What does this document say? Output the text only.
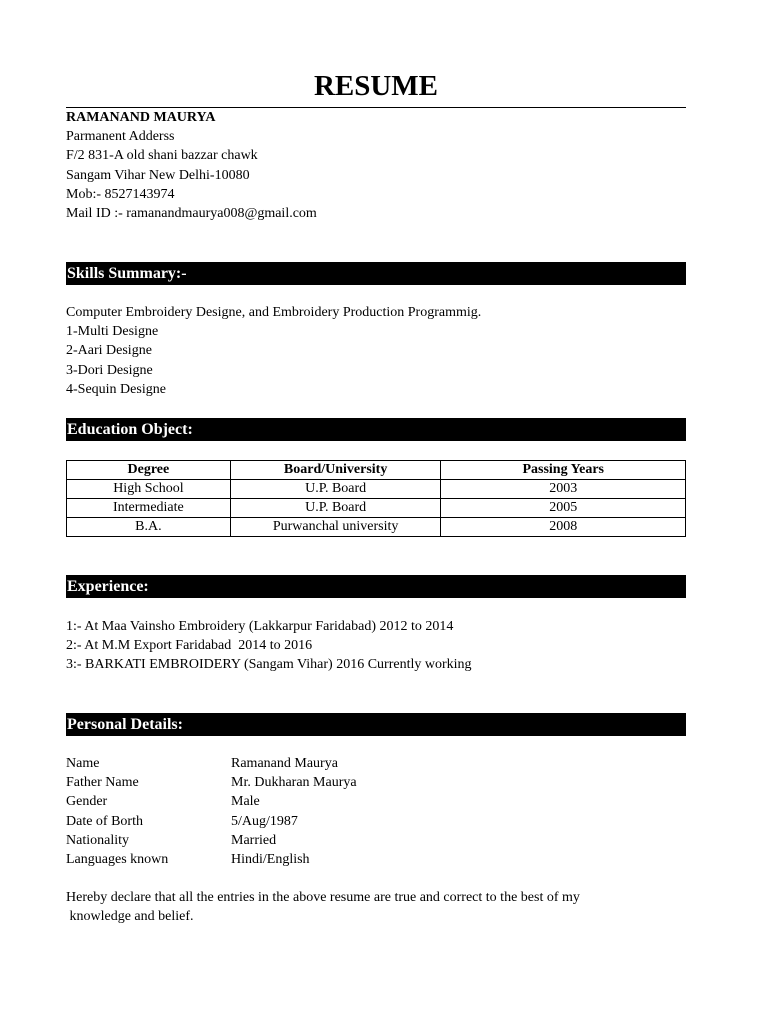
RESUME
RAMANAND MAURYA
Parmanent Adderss
F/2 831-A old shani bazzar chawk
Sangam Vihar New Delhi-10080
Mob:- 8527143974
Mail ID :- ramanandmaurya008@gmail.com
Skills Summary:-
Computer Embroidery Designe, and Embroidery Production Programmig.
1-Multi Designe
2-Aari Designe
3-Dori Designe
4-Sequin Designe
Education Object:
Degree	Board/University	Passing Years
High School	U.P. Board	2003
Intermediate	U.P. Board	2005
B.A.	Purwanchal university	2008
Experience:
1:- At Maa Vainsho Embroidery (Lakkarpur Faridabad) 2012 to 2014
2:- At M.M Export Faridabad  2014 to 2016
3:- BARKATI EMBROIDERY (Sangam Vihar) 2016 Currently working
Personal Details:
Name	Ramanand Maurya
Father Name	Mr. Dukharan Maurya
Gender	Male
Date of Borth	5/Aug/1987
Nationality	Married
Languages known	Hindi/English
Hereby declare that all the entries in the above resume are true and correct to the best of my
knowledge and belief.
